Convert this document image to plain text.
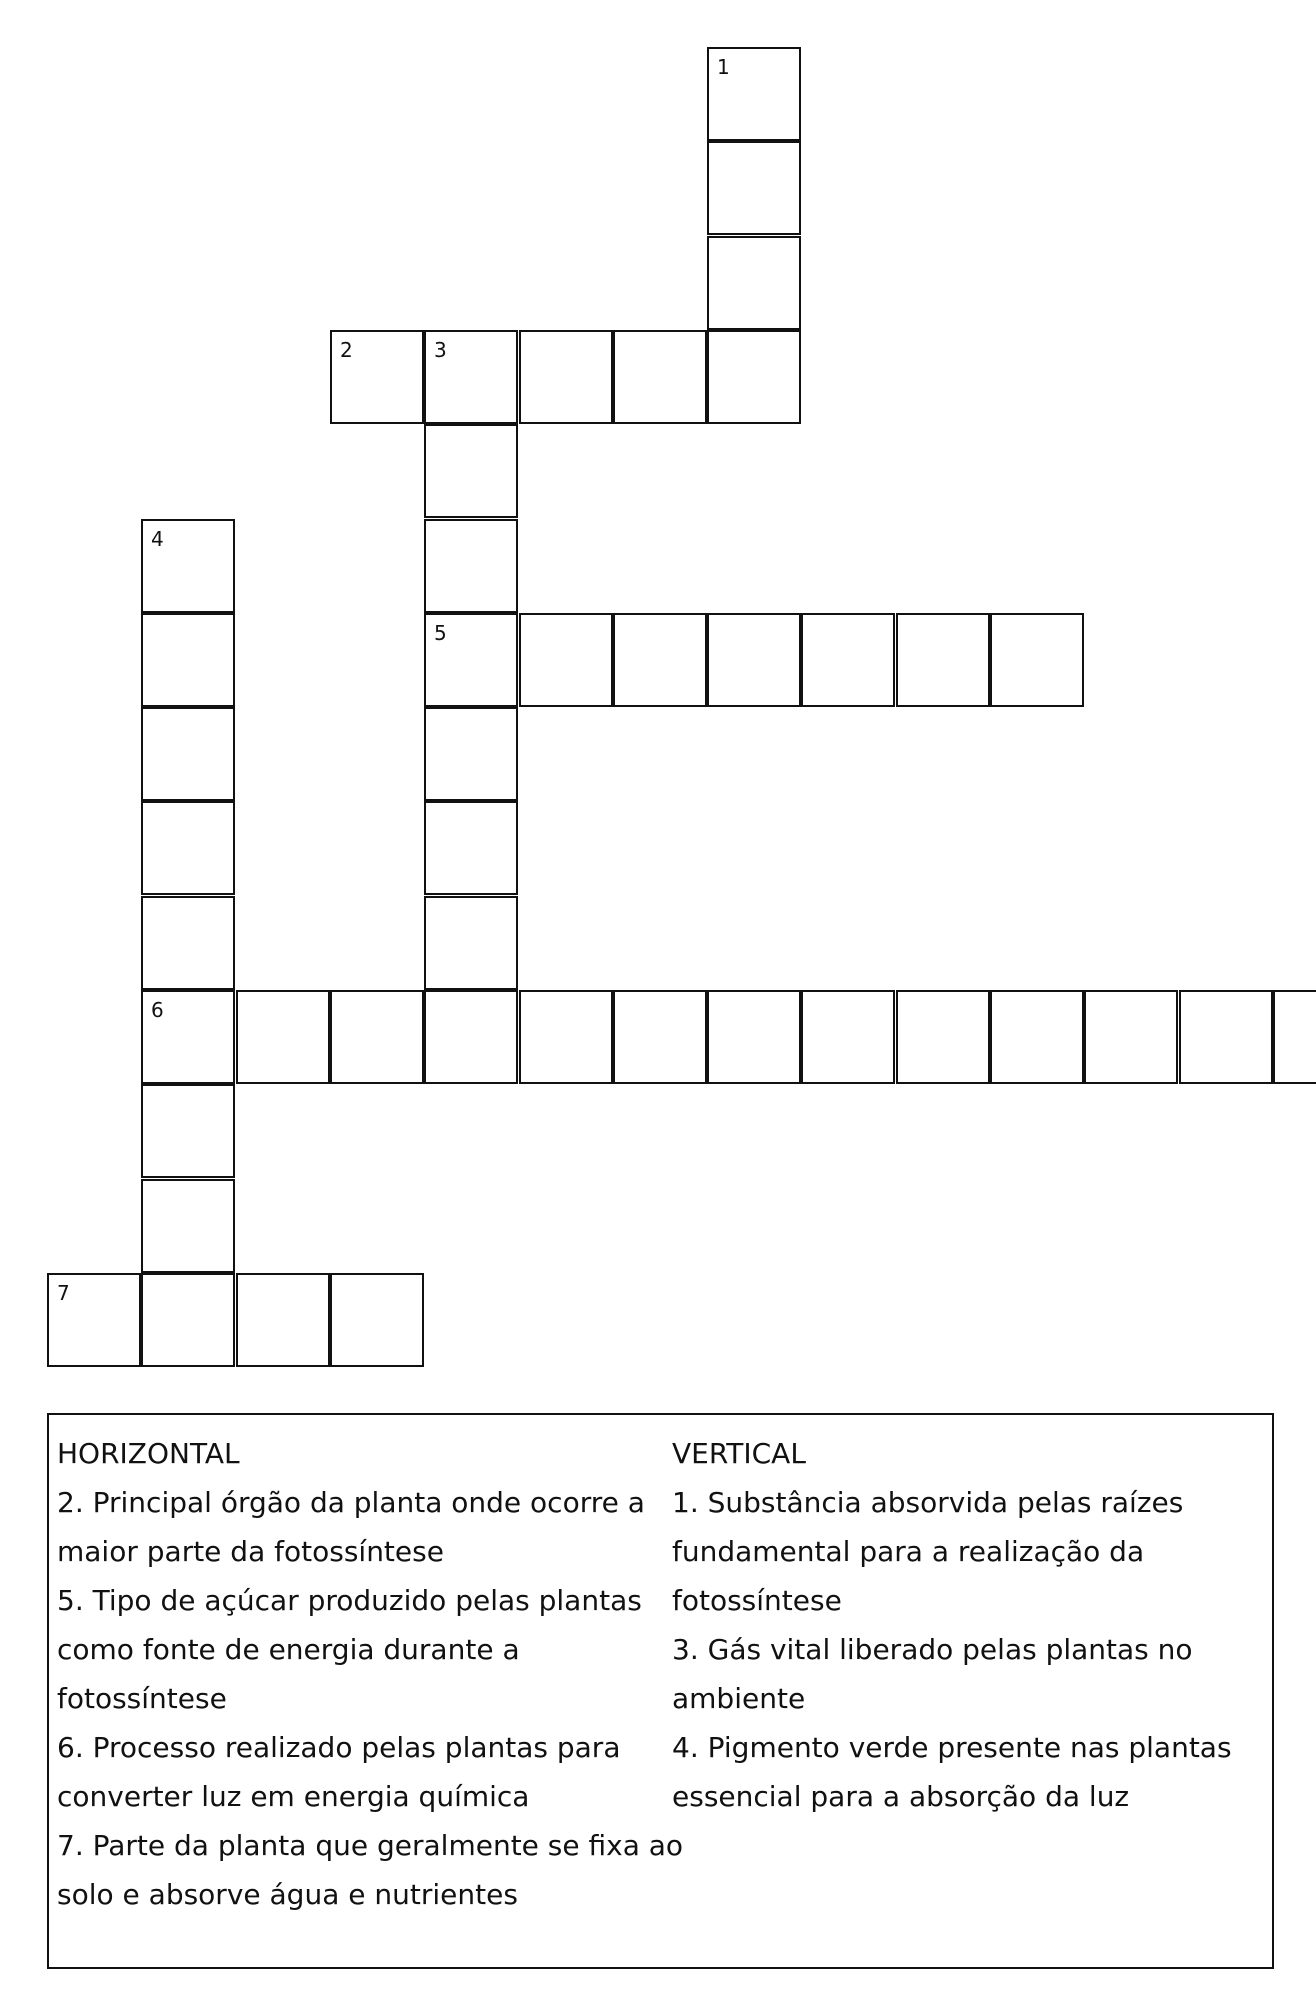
1
2	3
4
5
6
7
HORIZONTAL
2. Principal órgão da planta onde ocorre a
maior parte da fotossíntese
5. Tipo de açúcar produzido pelas plantas
como fonte de energia durante a
fotossíntese
6. Processo realizado pelas plantas para
converter luz em energia química
7. Parte da planta que geralmente se fixa ao
solo e absorve água e nutrientes
VERTICAL
1. Substância absorvida pelas raízes
fundamental para a realização da
fotossíntese
3. Gás vital liberado pelas plantas no
ambiente
4. Pigmento verde presente nas plantas
essencial para a absorção da luz
